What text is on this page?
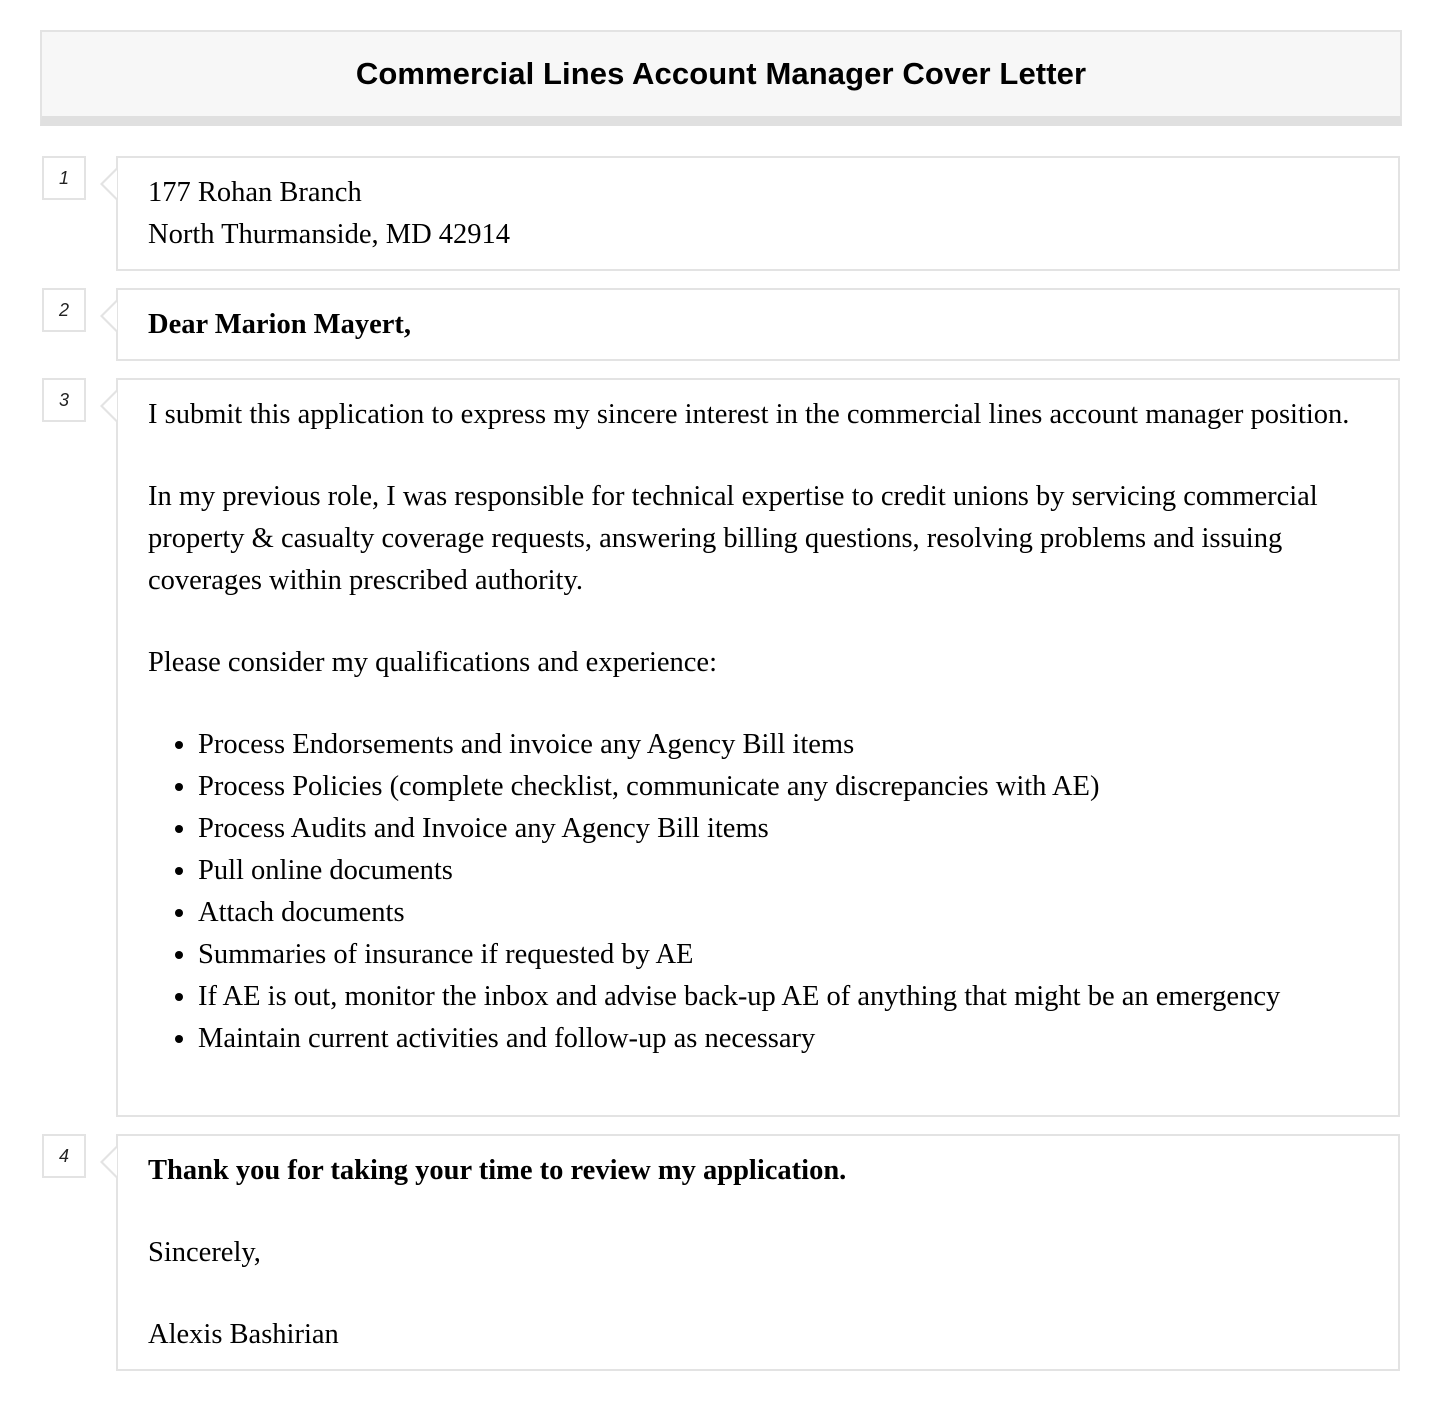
Commercial Lines Account Manager Cover Letter
1	177 Rohan Branch
North Thurmanside, MD 42914
2	Dear Marion Mayert,
3	I submit this application to express my sincere interest in the commercial lines account manager position.

In my previous role, I was responsible for technical expertise to credit unions by servicing commercial property & casualty coverage requests, answering billing questions, resolving problems and issuing coverages within prescribed authority.

Please consider my qualifications and experience:

• Process Endorsements and invoice any Agency Bill items
• Process Policies (complete checklist, communicate any discrepancies with AE)
• Process Audits and Invoice any Agency Bill items
• Pull online documents
• Attach documents
• Summaries of insurance if requested by AE
• If AE is out, monitor the inbox and advise back-up AE of anything that might be an emergency
• Maintain current activities and follow-up as necessary
4	Thank you for taking your time to review my application.

Sincerely,

Alexis Bashirian
